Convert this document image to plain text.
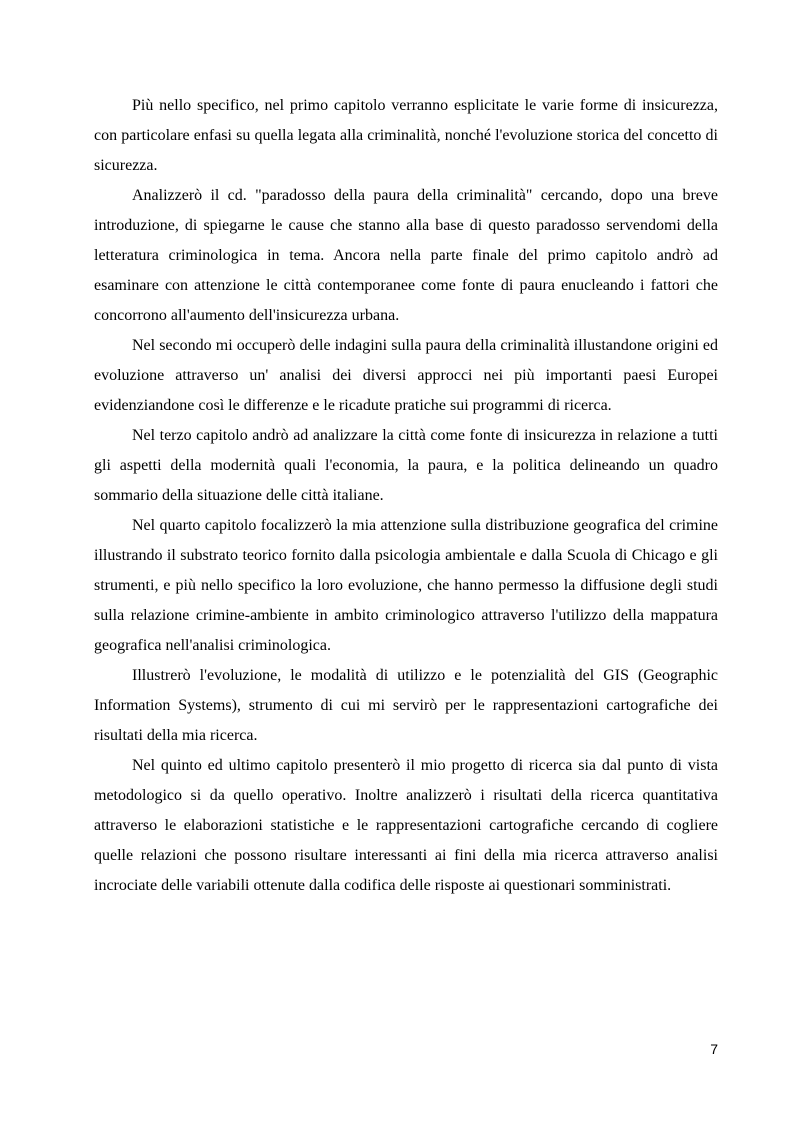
Più nello specifico, nel primo capitolo verranno esplicitate le varie forme di insicurezza, con particolare enfasi su quella legata alla criminalità, nonché l'evoluzione storica del concetto di sicurezza.

Analizzerò il cd. "paradosso della paura della criminalità" cercando, dopo una breve introduzione, di spiegarne le cause che stanno alla base di questo paradosso servendomi della letteratura criminologica in tema. Ancora nella parte finale del primo capitolo andrò ad esaminare con attenzione le città contemporanee come fonte di paura enucleando i fattori che concorrono all'aumento dell'insicurezza urbana.

Nel secondo mi occuperò delle indagini sulla paura della criminalità illustandone origini ed evoluzione attraverso un' analisi dei diversi approcci nei più importanti paesi Europei evidenziandone così le differenze e le ricadute pratiche sui programmi di ricerca.

Nel terzo capitolo andrò ad analizzare la città come fonte di insicurezza in relazione a tutti gli aspetti della modernità quali l'economia, la paura, e la politica delineando un quadro sommario della situazione delle città italiane.

Nel quarto capitolo focalizzerò la mia attenzione sulla distribuzione geografica del crimine illustrando il substrato teorico fornito dalla psicologia ambientale e dalla Scuola di Chicago e gli strumenti, e più nello specifico la loro evoluzione, che hanno permesso la diffusione degli studi sulla relazione crimine-ambiente in ambito criminologico attraverso l'utilizzo della mappatura geografica nell'analisi criminologica.

Illustrerò l'evoluzione, le modalità di utilizzo e le potenzialità del GIS (Geographic Information Systems), strumento di cui mi servirò per le rappresentazioni cartografiche dei risultati della mia ricerca.

Nel quinto ed ultimo capitolo presenterò il mio progetto di ricerca sia dal punto di vista metodologico si da quello operativo. Inoltre analizzerò i risultati della ricerca quantitativa attraverso le elaborazioni statistiche e le rappresentazioni cartografiche cercando di cogliere quelle relazioni che possono risultare interessanti ai fini della mia ricerca attraverso analisi incrociate delle variabili ottenute dalla codifica delle risposte ai questionari somministrati.

7
